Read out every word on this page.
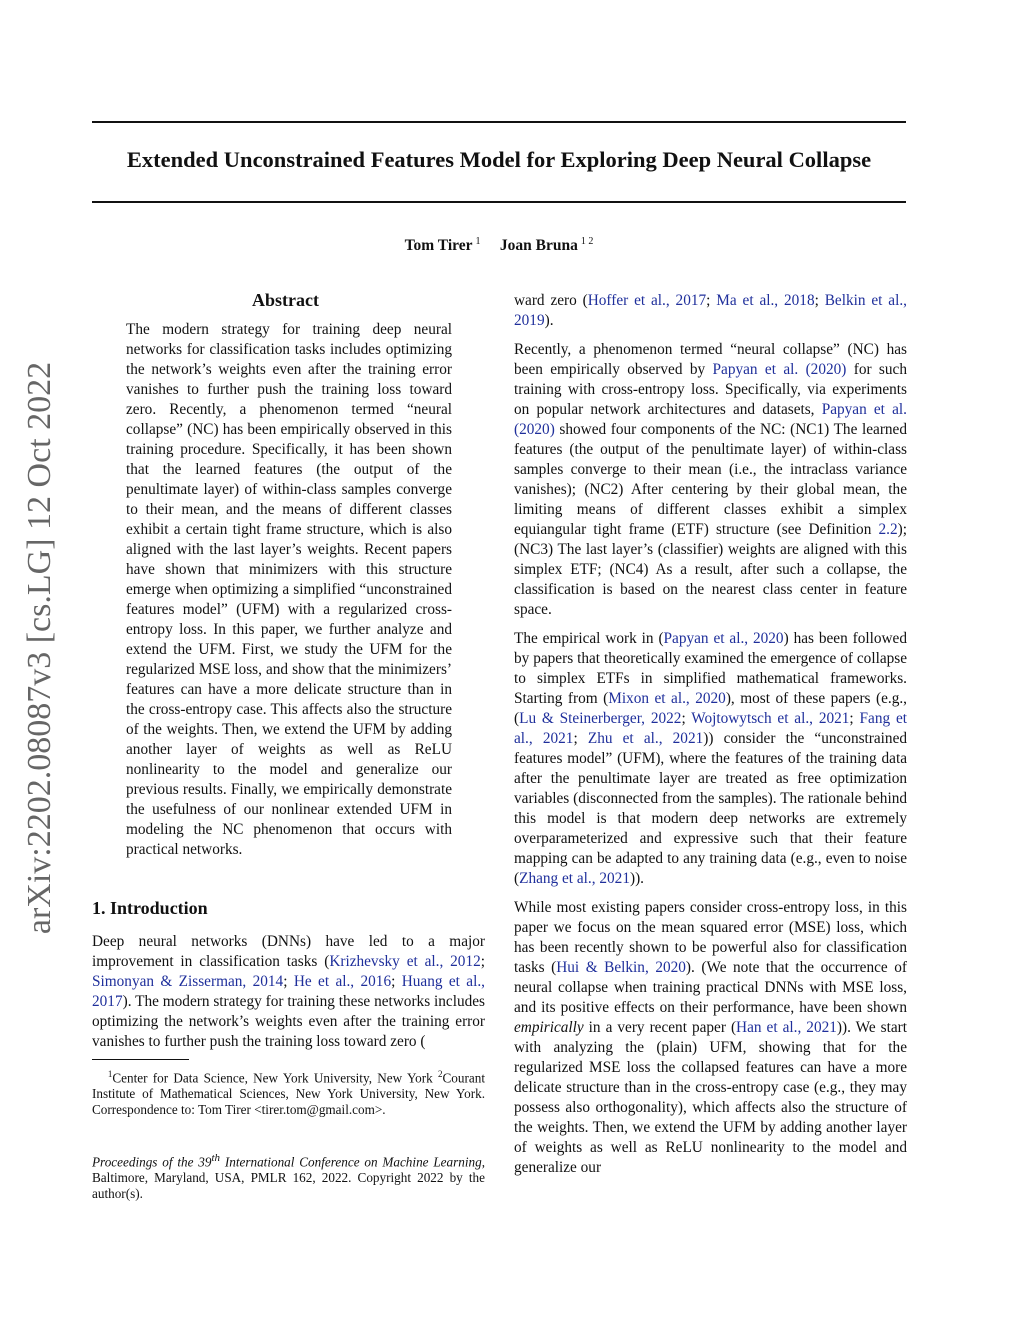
arXiv:2202.08087v3 [cs.LG] 12 Oct 2022
Extended Unconstrained Features Model for Exploring Deep Neural Collapse
Tom Tirer $^1$ Joan Bruna $^{1 2}$
Abstract
The modern strategy for training deep neural networks for classification tasks includes optimizing the network’s weights even after the training error vanishes to further push the training loss toward zero. Recently, a phenomenon termed “neural collapse” (NC) has been empirically observed in this training procedure. Specifically, it has been shown that the learned features (the output of the penultimate layer) of within-class samples converge to their mean, and the means of different classes exhibit a certain tight frame structure, which is also aligned with the last layer’s weights. Recent papers have shown that minimizers with this structure emerge when optimizing a simplified “unconstrained features model” (UFM) with a regularized cross-entropy loss. In this paper, we further analyze and extend the UFM. First, we study the UFM for the regularized MSE loss, and show that the minimizers’ features can have a more delicate structure than in the cross-entropy case. This affects also the structure of the weights. Then, we extend the UFM by adding another layer of weights as well as ReLU nonlinearity to the model and generalize our previous results. Finally, we empirically demonstrate the usefulness of our nonlinear extended UFM in modeling the NC phenomenon that occurs with practical networks.
1. Introduction
Deep neural networks (DNNs) have led to a major improvement in classification tasks (Krizhevsky et al., 2012; Simonyan & Zisserman, 2014; He et al., 2016; Huang et al., 2017). The modern strategy for training these networks includes optimizing the network’s weights even after the training error vanishes to further push the training loss toward zero (
$^1$Center for Data Science, New York University, New York $^2$Courant Institute of Mathematical Sciences, New York University, New York. Correspondence to: Tom Tirer <tirer.tom@gmail.com>.
Proceedings of the 39th International Conference on Machine Learning, Baltimore, Maryland, USA, PMLR 162, 2022. Copyright 2022 by the author(s).

ward zero (Hoffer et al., 2017; Ma et al., 2018; Belkin et al., 2019).

Recently, a phenomenon termed “neural collapse” (NC) has been empirically observed by Papyan et al. (2020) for such training with cross-entropy loss. Specifically, via experiments on popular network architectures and datasets, Papyan et al. (2020) showed four components of the NC: (NC1) The learned features (the output of the penultimate layer) of within-class samples converge to their mean (i.e., the intraclass variance vanishes); (NC2) After centering by their global mean, the limiting means of different classes exhibit a simplex equiangular tight frame (ETF) structure (see Definition 2.2); (NC3) The last layer’s (classifier) weights are aligned with this simplex ETF; (NC4) As a result, after such a collapse, the classification is based on the nearest class center in feature space.

The empirical work in (Papyan et al., 2020) has been followed by papers that theoretically examined the emergence of collapse to simplex ETFs in simplified mathematical frameworks. Starting from (Mixon et al., 2020), most of these papers (e.g., (Lu & Steinerberger, 2022; Wojtowytsch et al., 2021; Fang et al., 2021; Zhu et al., 2021)) consider the “unconstrained features model” (UFM), where the features of the training data after the penultimate layer are treated as free optimization variables (disconnected from the samples). The rationale behind this model is that modern deep networks are extremely overparameterized and expressive such that their feature mapping can be adapted to any training data (e.g., even to noise (Zhang et al., 2021)).

While most existing papers consider cross-entropy loss, in this paper we focus on the mean squared error (MSE) loss, which has been recently shown to be powerful also for classification tasks (Hui & Belkin, 2020). (We note that the occurrence of neural collapse when training practical DNNs with MSE loss, and its positive effects on their performance, have been shown empirically in a very recent paper (Han et al., 2021)). We start with analyzing the (plain) UFM, showing that for the regularized MSE loss the collapsed features can have a more delicate structure than in the cross-entropy case (e.g., they may possess also orthogonality), which affects also the structure of the weights. Then, we extend the UFM by adding another layer of weights as well as ReLU nonlinearity to the model and generalize our
